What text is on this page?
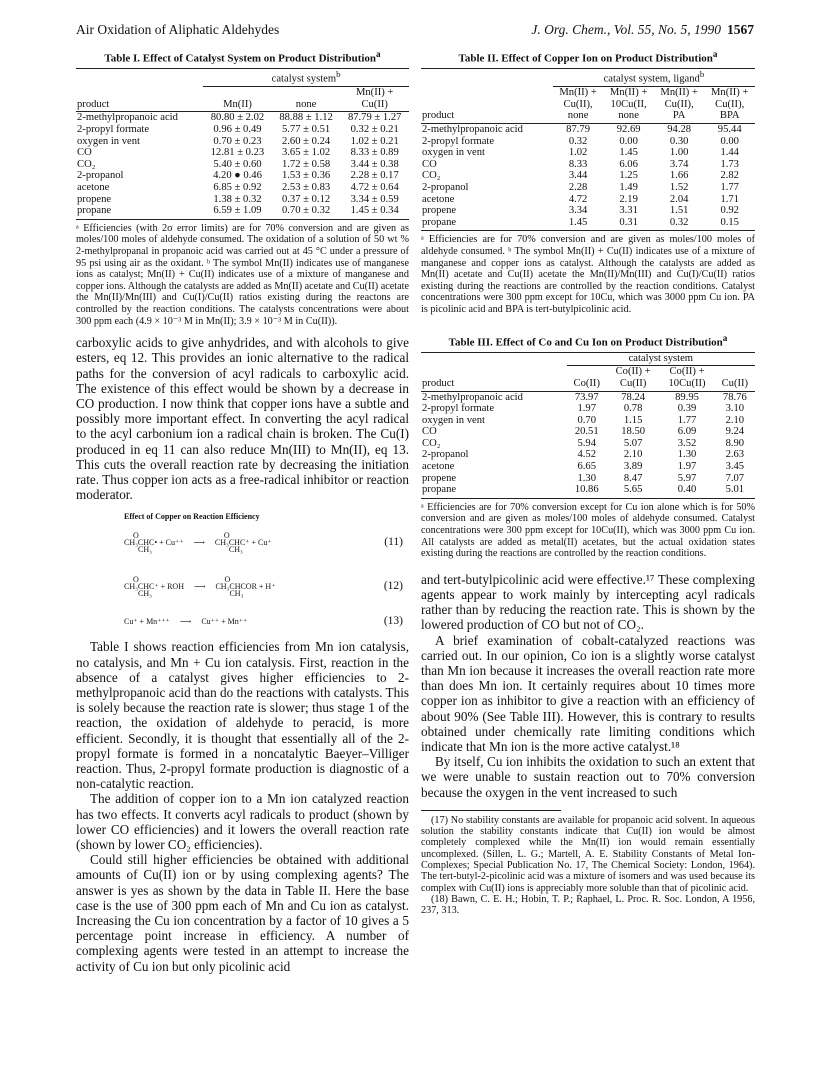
Air Oxidation of Aliphatic Aldehydes	J. Org. Chem., Vol. 55, No. 5, 1990 1567
Table I. Effect of Catalyst System on Product Distribution$^a$
	catalyst system$^b$
			Mn(II) +
product	Mn(II)	none	Cu(II)
2-methylpropanoic acid	80.80 ± 2.02	88.88 ± 1.12	87.79 ± 1.27
2-propyl formate	0.96 ± 0.49	5.77 ± 0.51	0.32 ± 0.21
oxygen in vent	0.70 ± 0.23	2.60 ± 0.24	1.02 ± 0.21
CO	12.81 ± 0.23	3.65 ± 1.02	8.33 ± 0.89
CO₂	5.40 ± 0.60	1.72 ± 0.58	3.44 ± 0.38
2-propanol	4.20 ● 0.46	1.53 ± 0.36	2.28 ± 0.17
acetone	6.85 ± 0.92	2.53 ± 0.83	4.72 ± 0.64
propene	1.38 ± 0.32	0.37 ± 0.12	3.34 ± 0.59
propane	6.59 ± 1.09	0.70 ± 0.32	1.45 ± 0.34
ᵃ Efficiencies (with 2σ error limits) are for 70% conversion and are given as moles/100 moles of aldehyde consumed. The oxidation of a solution of 50 wt % 2-methylpropanal in propanoic acid was carried out at 45 °C under a pressure of 95 psi using air as the oxidant. ᵇ The symbol Mn(II) indicates use of manganese ions as catalyst; Mn(II) + Cu(II) indicates use of a mixture of manganese and copper ions. Although the catalysts are added as Mn(II) acetate and Cu(II) acetate the Mn(II)/Mn(III) and Cu(I)/Cu(II) ratios existing during the reactons are controlled by the reaction conditions. The catalysts concentrations were about 300 ppm each (4.9 × 10⁻³ M in Mn(II); 3.9 × 10⁻³ M in Cu(II)).

carboxylic acids to give anhydrides, and with alcohols to give esters, eq 12. This provides an ionic alternative to the radical paths for the conversion of acyl radicals to carboxylic acid. The existence of this effect would be shown by a decrease in CO production. I now think that copper ions have a subtle and possibly more important effect. In converting the acyl radical to the acyl carbonium ion a radical chain is broken. The Cu(I) produced in eq 11 can also reduce Mn(III) to Mn(II), eq 13. This cuts the overall reaction rate by decreasing the initiation rate. Thus copper ion acts as a free-radical inhibitor or reaction moderator.

Effect of Copper on Reaction Efficiency
O
CH₃CHC• + Cu⁺⁺
CH₃
⟶
O
CH₃CHC⁺ + Cu⁺
CH₃
(11)
O
CH₃CHC⁺ + ROH
CH₃
⟶
O
CH₃CHCOR + H⁺
CH₃
(12)
Cu⁺ + Mn⁺⁺⁺ ⟶ Cu⁺⁺ + Mn⁺⁺	(13)

Table I shows reaction efficiencies from Mn ion catalysis, no catalysis, and Mn + Cu ion catalysis. First, reaction in the absence of a catalyst gives higher efficiencies to 2-methylpropanoic acid than do the reactions with catalysts. This is solely because the reaction rate is slower; thus stage 1 of the reaction, the oxidation of aldehyde to peracid, is more efficient. Secondly, it is thought that essentially all of the 2-propyl formate is formed in a noncatalytic Baeyer–Villiger reaction. Thus, 2-propyl formate production is diagnostic of a non-catalytic reaction.

The addition of copper ion to a Mn ion catalyzed reaction has two effects. It converts acyl radicals to product (shown by lower CO efficiencies) and it lowers the overall reaction rate (shown by lower CO₂ efficiencies).

Could still higher efficiencies be obtained with additional amounts of Cu(II) ion or by using complexing agents? The answer is yes as shown by the data in Table II. Here the base case is the use of 300 ppm each of Mn and Cu ion as catalyst. Increasing the Cu ion concentration by a factor of 10 gives a 5 percentage point increase in efficiency. A number of complexing agents were tested in an attempt to increase the activity of Cu ion but only picolinic acid

Table II. Effect of Copper Ion on Product Distribution$^a$
	catalyst system, ligand$^b$
	Mn(II) +	Mn(II) +	Mn(II) +	Mn(II) +
	Cu(II),	10Cu(II,	Cu(II),	Cu(II),
product	none	none	PA	BPA
2-methylpropanoic acid	87.79	92.69	94.28	95.44
2-propyl formate	0.32	0.00	0.30	0.00
oxygen in vent	1.02	1.45	1.00	1.44
CO	8.33	6.06	3.74	1.73
CO₂	3.44	1.25	1.66	2.82
2-propanol	2.28	1.49	1.52	1.77
acetone	4.72	2.19	2.04	1.71
propene	3.34	3.31	1.51	0.92
propane	1.45	0.31	0.32	0.15
ᵃ Efficiencies are for 70% conversion and are given as moles/100 moles of aldehyde consumed. ᵇ The symbol Mn(II) + Cu(II) indicates use of a mixture of manganese and copper ions as catalyst. Although the catalysts are added as Mn(II) acetate and Cu(II) acetate the Mn(II)/Mn(III) and Cu(I)/Cu(II) ratios existing during the reactions are controlled by the reaction conditions. Catalyst concentrations were 300 ppm except for 10Cu, which was 3000 ppm Cu ion. PA is picolinic acid and BPA is tert-butylpicolinic acid.
Table III. Effect of Co and Cu Ion on Product Distribution$^a$
	catalyst system			
		Co(II) +	Co(II) +	
product	Co(II)	Cu(II)	10Cu(II)	Cu(II)
2-methylpropanoic acid	73.97	78.24	89.95	78.76
2-propyl formate	1.97	0.78	0.39	3.10
oxygen in vent	0.70	1.15	1.77	2.10
CO	20.51	18.50	6.09	9.24
CO₂	5.94	5.07	3.52	8.90
2-propanol	4.52	2.10	1.30	2.63
acetone	6.65	3.89	1.97	3.45
propene	1.30	8.47	5.97	7.07
propane	10.86	5.65	0.40	5.01
ᵃ Efficiencies are for 70% conversion except for Cu ion alone which is for 50% conversion and are given as moles/100 moles of aldehyde consumed. Catalyst concentrations were 300 ppm except for 10Cu(II), which was 3000 ppm Cu ion. All catalysts are added as metal(II) acetates, but the actual oxidation states existing during the reactions are controlled by the reaction conditions.

and tert-butylpicolinic acid were effective.¹⁷ These complexing agents appear to work mainly by intercepting acyl radicals rather than by reducing the reaction rate. This is shown by the lowered production of CO but not of CO₂.

A brief examination of cobalt-catalyzed reactions was carried out. In our opinion, Co ion is a slightly worse catalyst than Mn ion because it increases the overall reaction rate more than does Mn ion. It certainly requires about 10 times more copper ion as inhibitor to give a reaction with an efficiency of about 90% (See Table III). However, this is contrary to results obtained under chemically rate limiting conditions which indicate that Mn ion is the more active catalyst.¹⁸

By itself, Cu ion inhibits the oxidation to such an extent that we were unable to sustain reaction out to 70% conversion because the oxygen in the vent increased to such

(17) No stability constants are available for propanoic acid solvent. In aqueous solution the stability constants indicate that Cu(II) ion would be almost completely complexed while the Mn(II) ion would remain essentially uncomplexed. (Sillen, L. G.; Martell, A. E. Stability Constants of Metal Ion-Complexes; Special Publication No. 17, The Chemical Society: London, 1964). The tert-butyl-2-picolinic acid was a mixture of isomers and was used because its complex with Cu(II) ions is appreciably more soluble than that of picolinic acid.

(18) Bawn, C. E. H.; Hobin, T. P.; Raphael, L. Proc. R. Soc. London, A 1956, 237, 313.
